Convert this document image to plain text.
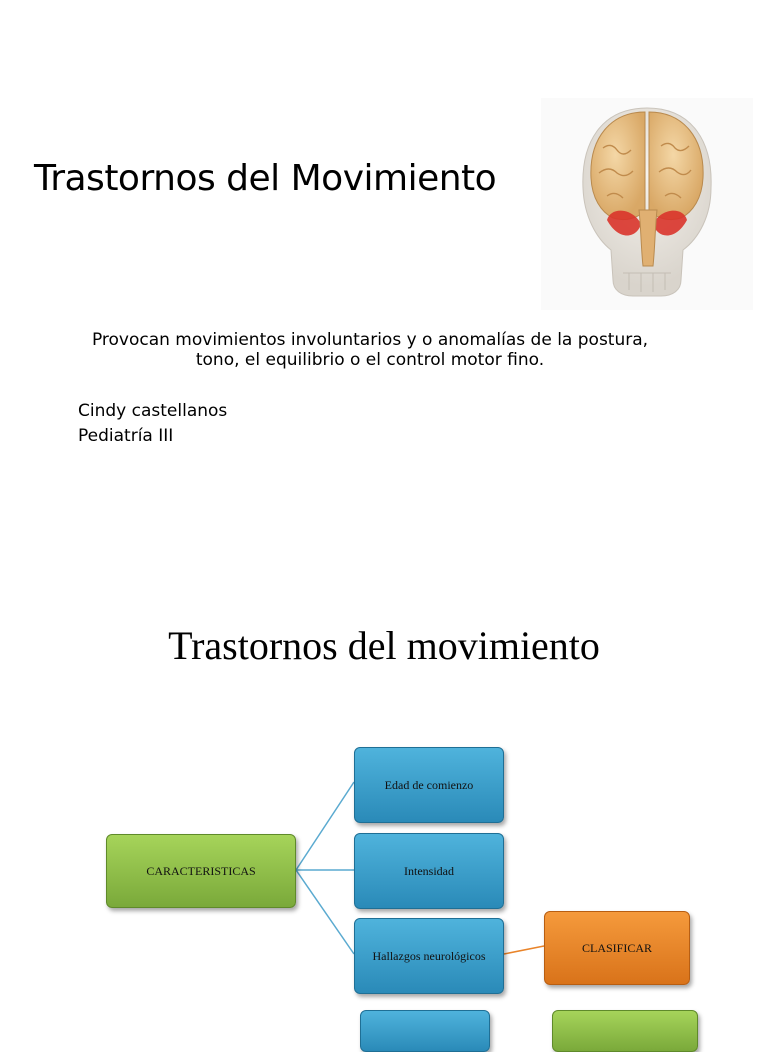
Trastornos del Movimiento
Provocan movimientos involuntarios y o anomalías de la postura,
tono, el equilibrio o el control motor fino.
Cindy castellanos
Pediatría III
Trastornos del movimiento
CARACTERISTICAS
Edad de comienzo
Intensidad
Hallazgos neurológicos
CLASIFICAR
